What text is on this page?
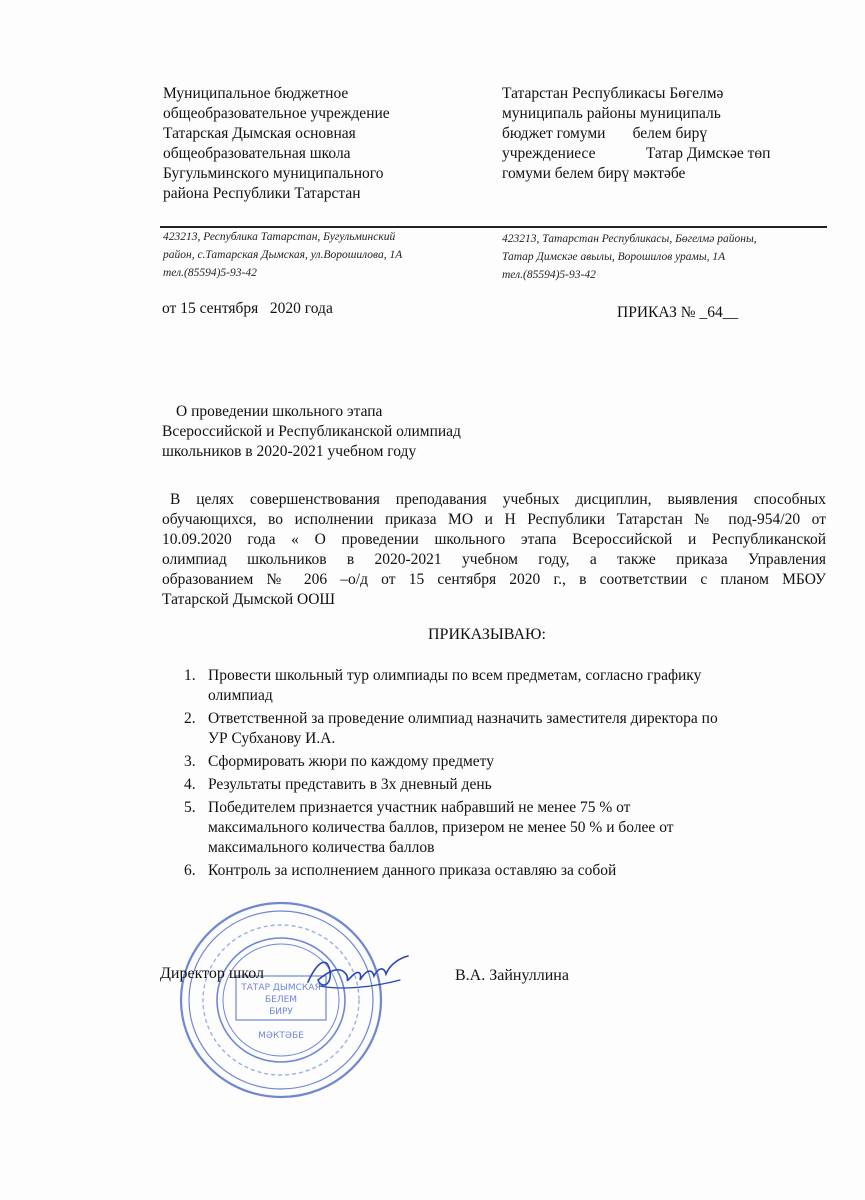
Муниципальное бюджетное
общеобразовательное учреждение
Татарская Дымская основная
общеобразовательная школа
Бугульминского муниципального
района Республики Татарстан
Татарстан Республикасы Бөгелмә
муниципаль районы муниципаль
бюджет гомуми       белем бирү
учреждениесе             Татар Димскәе төп
гомуми белем бирү мәктәбе
423213, Республика Татарстан, Бугульминский
район, с.Татарская Дымская, ул.Ворошилова, 1А
тел.(85594)5-93-42
423213, Татарстан Республикасы, Бөгелмә районы,
Татар Димскәе авылы, Ворошилов урамы, 1А
тел.(85594)5-93-42
от 15 сентября   2020 года	ПРИКАЗ № _64__
О проведении школьного этапа
Всероссийской и Республиканской олимпиад
школьников в 2020-2021 учебном году
В целях совершенствования преподавания учебных дисциплин, выявления способных
обучающихся, во исполнении приказа МО и Н Республики Татарстан № под-954/20 от
10.09.2020 года « О проведении школьного этапа Всероссийской и Республиканской
олимпиад школьников в 2020-2021 учебном году, а также приказа Управления
образованием № 206 –о/д от 15 сентября 2020 г., в соответствии с планом МБОУ
Татарской Дымской ООШ
ПРИКАЗЫВАЮ:
1. Провести школьный тур олимпиады по всем предметам, согласно графику
олимпиад
2. Ответственной за проведение олимпиад назначить заместителя директора по
УР Субханову И.А.
3. Сформировать жюри по каждому предмету
4. Результаты представить в 3х дневный день
5. Победителем признается участник набравший не менее 75 % от
максимального количества баллов, призером не менее 50 % и более от
максимального количества баллов
6. Контроль за исполнением данного приказа оставляю за собой
ТАТАР ДЫМСКАЯ
БЕЛЕМ
БИРУ
МӘКТӘБЕ
Директор школ	В.А. Зайнуллина
